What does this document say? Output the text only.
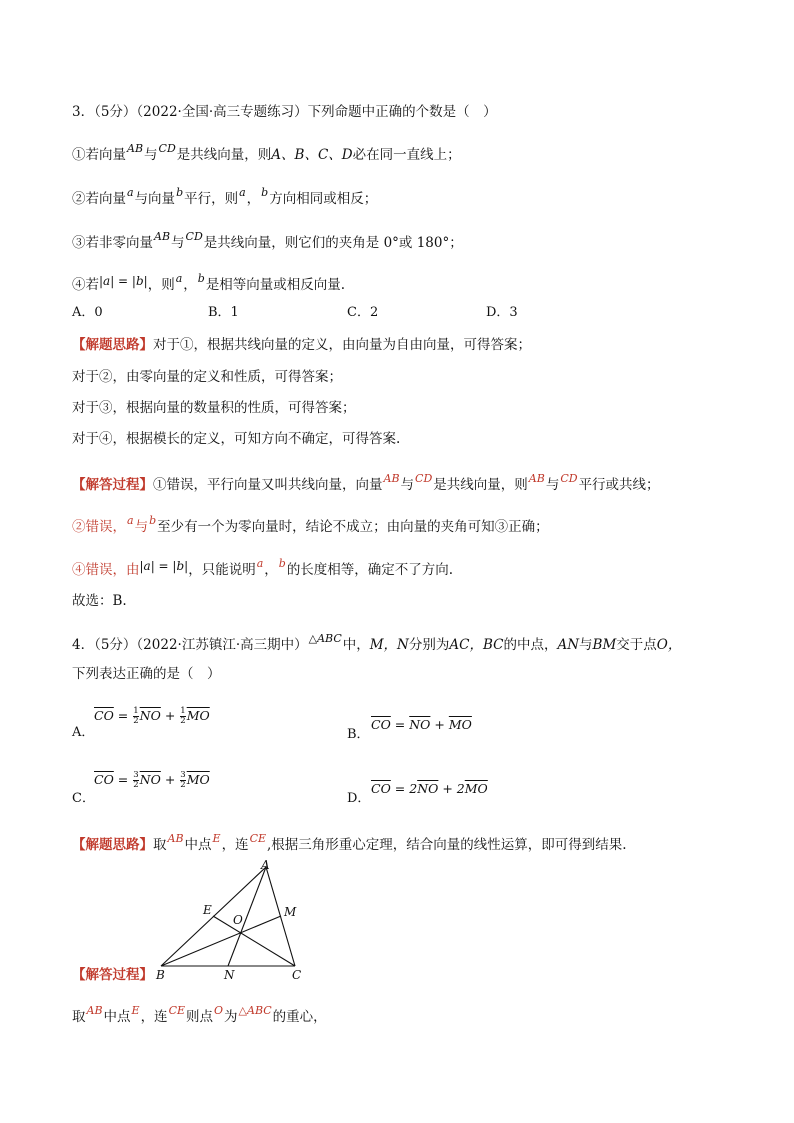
3．（5分）（2022·全国·高三专题练习）下列命题中正确的个数是（　）
①若向量$^{AB}$与$^{CD}$是共线向量，则A、B、C、D必在同一直线上；
②若向量$^a$与向量$^b$平行，则$^a$，$^b$方向相同或相反；
③若非零向量$^{AB}$与$^{CD}$是共线向量，则它们的夹角是 0°或 180°；
④若|a| = |b|，则$^a$，$^b$是相等向量或相反向量.
A．0	B．1	C．2	D．3
【解题思路】对于①，根据共线向量的定义，由向量为自由向量，可得答案；
对于②，由零向量的定义和性质，可得答案；
对于③，根据向量的数量积的性质，可得答案；
对于④，根据模长的定义，可知方向不确定，可得答案.
【解答过程】①错误，平行向量又叫共线向量，向量$^{AB}$与$^{CD}$是共线向量，则$^{AB}$与$^{CD}$平行或共线；
②错误，$^a$与$^b$至少有一个为零向量时，结论不成立；由向量的夹角可知③正确；
④错误，由|a| = |b|，只能说明$^a$，$^b$的长度相等，确定不了方向.
故选：B.
4．（5分）（2022·江苏镇江·高三期中）$^{\triangle ABC}$中，M，N分别为AC，BC的中点，AN与BM交于点O，
下列表达正确的是（　）
A．
$\overline{CO} = \frac{1}{2} \overline{NO} + \frac{1}{2} \overline{MO}$
B．
$\overline{CO} = \overline{NO} + \overline{MO}$
C．
$\overline{CO} = \frac{3}{2} \overline{NO} + \frac{3}{2} \overline{MO}$
D．
$\overline{CO} = 2\overline{NO} + 2\overline{MO}$
【解题思路】取$^{AB}$中点$^E$，连$^{CE}$,根据三角形重心定理，结合向量的线性运算，即可得到结果.
A
B	C
E	M
N
O
【解答过程】
取$^{AB}$中点$^E$，连$^{CE}$则点$^O$为$^{\triangle ABC}$的重心，
